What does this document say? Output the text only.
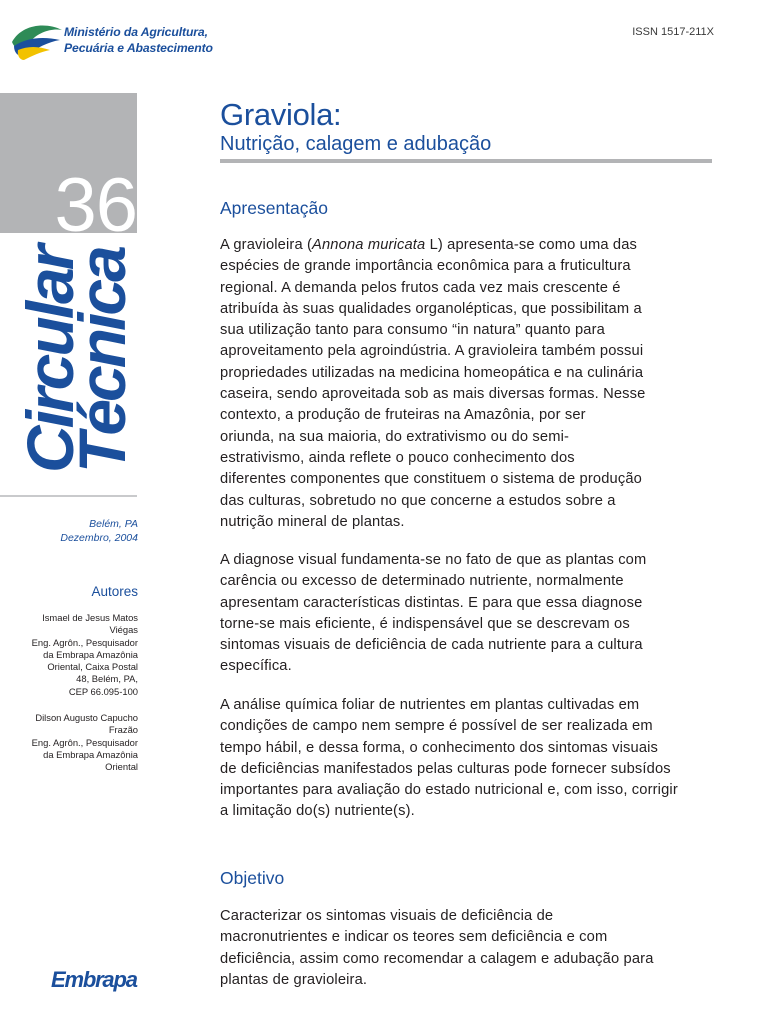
Ministério da Agricultura,
Pecuária e Abastecimento
ISSN 1517-211X
36
Circular
Técnica
Belém, PA
Dezembro, 2004
Autores
Ismael de Jesus Matos
Viégas
Eng. Agrôn., Pesquisador
da Embrapa Amazônia
Oriental, Caixa Postal
48, Belém, PA,
CEP 66.095-100
Dilson Augusto Capucho
Frazão
Eng. Agrôn., Pesquisador
da Embrapa Amazônia
Oriental
Embrapa
Graviola:
Nutrição, calagem e adubação
Apresentação
A gravioleira (Annona muricata L) apresenta-se como uma das
espécies de grande importância econômica para a fruticultura
regional. A demanda pelos frutos cada vez mais crescente é
atribuída às suas qualidades organolépticas, que possibilitam a
sua utilização tanto para consumo “in natura” quanto para
aproveitamento pela agroindústria. A gravioleira também possui
propriedades utilizadas na medicina homeopática e na culinária
caseira, sendo aproveitada sob as mais diversas formas. Nesse
contexto, a produção de fruteiras na Amazônia, por ser
oriunda, na sua maioria, do extrativismo ou do semi-
estrativismo, ainda reflete o pouco conhecimento dos
diferentes componentes que constituem o sistema de produção
das culturas, sobretudo no que concerne a estudos sobre a
nutrição mineral de plantas.
A diagnose visual fundamenta-se no fato de que as plantas com
carência ou excesso de determinado nutriente, normalmente
apresentam características distintas. E para que essa diagnose
torne-se mais eficiente, é indispensável que se descrevam os
sintomas visuais de deficiência de cada nutriente para a cultura
específica.
A análise química foliar de nutrientes em plantas cultivadas em
condições de campo nem sempre é possível de ser realizada em
tempo hábil, e dessa forma, o conhecimento dos sintomas visuais
de deficiências manifestados pelas culturas pode fornecer subsídos
importantes para avaliação do estado nutricional e, com isso, corrigir
a limitação do(s) nutriente(s).
Objetivo
Caracterizar os sintomas visuais de deficiência de
macronutrientes e indicar os teores sem deficiência e com
deficiência, assim como recomendar a calagem e adubação para
plantas de gravioleira.
